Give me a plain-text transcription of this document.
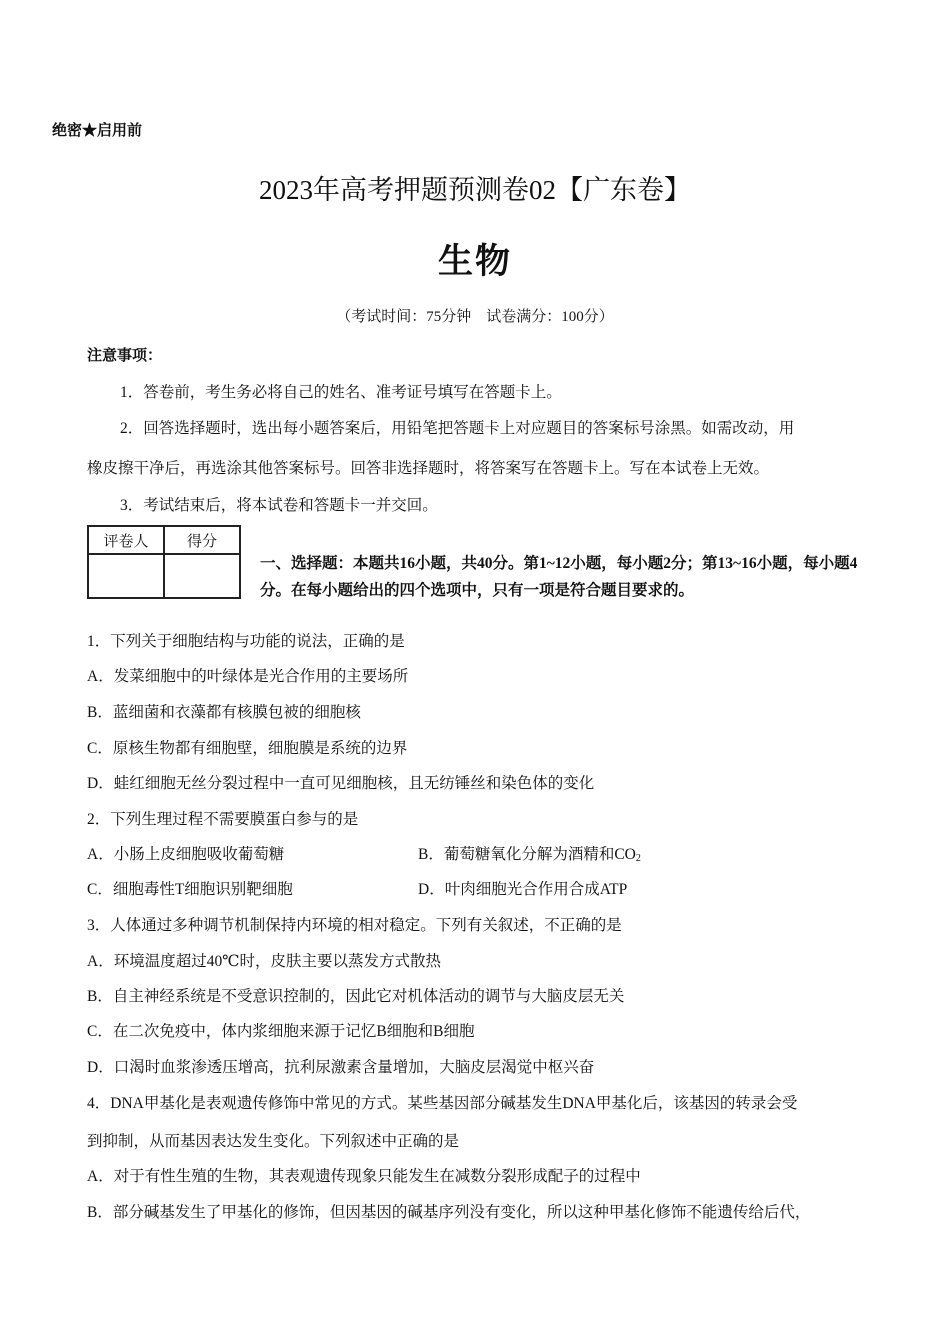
绝密★启用前
2023年高考押题预测卷02【广东卷】
生物
（考试时间：75分钟　试卷满分：100分）
注意事项：
1．答卷前，考生务必将自己的姓名、准考证号填写在答题卡上。
2．回答选择题时，选出每小题答案后，用铅笔把答题卡上对应题目的答案标号涂黑。如需改动，用
橡皮擦干净后，再选涂其他答案标号。回答非选择题时，将答案写在答题卡上。写在本试卷上无效。
3．考试结束后，将本试卷和答题卡一并交回。
评卷人	得分

一、选择题：本题共16小题，共40分。第1~12小题，每小题2分；第13~16小题，每小题4分。在每小题给出的四个选项中，只有一项是符合题目要求的。
1．下列关于细胞结构与功能的说法，正确的是
A．发菜细胞中的叶绿体是光合作用的主要场所
B．蓝细菌和衣藻都有核膜包被的细胞核
C．原核生物都有细胞壁，细胞膜是系统的边界
D．蛙红细胞无丝分裂过程中一直可见细胞核，且无纺锤丝和染色体的变化
2．下列生理过程不需要膜蛋白参与的是
A．小肠上皮细胞吸收葡萄糖	B．葡萄糖氧化分解为酒精和$CO_2$
C．细胞毒性T细胞识别靶细胞	D．叶肉细胞光合作用合成ATP
3．人体通过多种调节机制保持内环境的相对稳定。下列有关叙述，不正确的是
A．环境温度超过40℃时，皮肤主要以蒸发方式散热
B．自主神经系统是不受意识控制的，因此它对机体活动的调节与大脑皮层无关
C．在二次免疫中，体内浆细胞来源于记忆B细胞和B细胞
D．口渴时血浆渗透压增高，抗利尿激素含量增加，大脑皮层渴觉中枢兴奋
4．DNA甲基化是表观遗传修饰中常见的方式。某些基因部分碱基发生DNA甲基化后，该基因的转录会受
到抑制，从而基因表达发生变化。下列叙述中正确的是
A．对于有性生殖的生物，其表观遗传现象只能发生在减数分裂形成配子的过程中
B．部分碱基发生了甲基化的修饰，但因基因的碱基序列没有变化，所以这种甲基化修饰不能遗传给后代，
